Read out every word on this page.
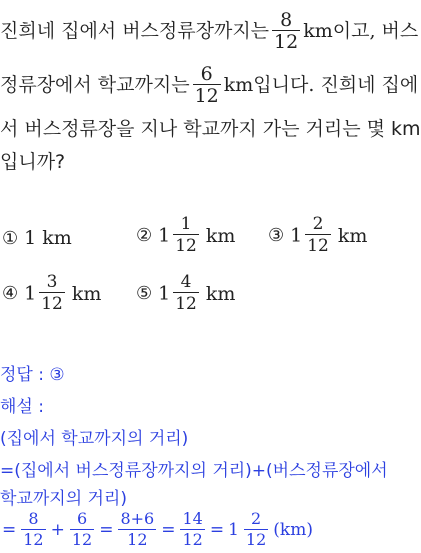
진희네 집에서 버스정류장까지는 $\frac{8}{12}$ km이고, 버스
정류장에서 학교까지는 $\frac{6}{12}$ km입니다. 진희네 집에
서 버스정류장을 지나 학교까지 가는 거리는 몇 km
입니까?
① 1 km	② $1 \frac{1}{12}$ km ③ $1 \frac{2}{12}$ km
④ $1 \frac{3}{12}$ km ⑤ $1 \frac{4}{12}$ km
정답 : ③
해설 :
(집에서 학교까지의 거리)
=(집에서 버스정류장까지의 거리)+(버스정류장에서
학교까지의 거리)
= $\frac{8}{12} + \frac{6}{12} = \frac{8+6}{12} = \frac{14}{12} = 1 \frac{2}{12} (km)$
